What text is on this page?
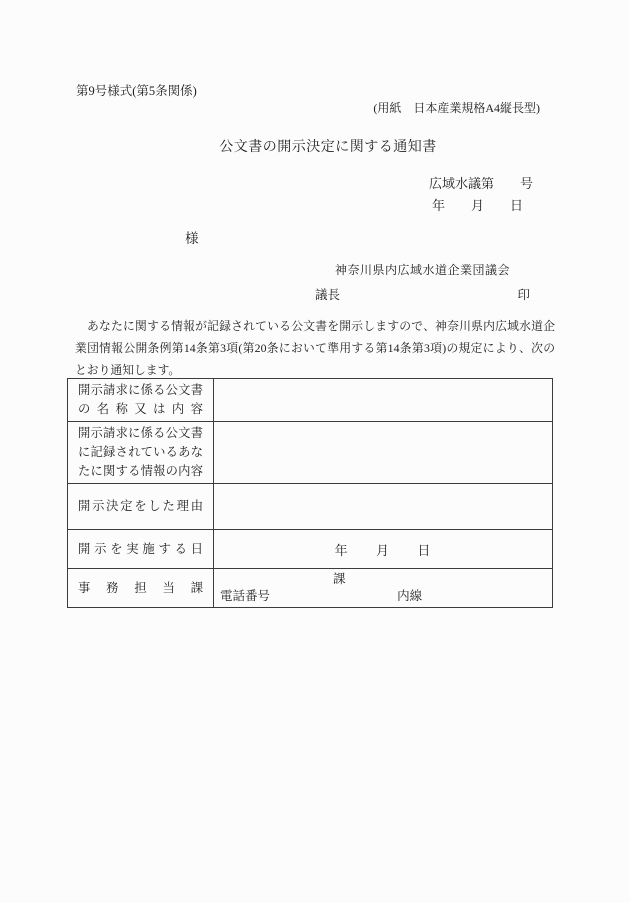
第9号様式(第5条関係)
(用紙　日本産業規格A4縦長型)
公文書の開示決定に関する通知書
広域水議第　　号
年　　月　　日
様
神奈川県内広域水道企業団議会
議長	印
　あなたに関する情報が記録されている公文書を開示しますので、神奈川県内広域水道企
業団情報公開条例第14条第3項(第20条において準用する第14条第3項)の規定により、次の
とおり通知します。
開示請求に係る公文書
の名称又は内容	

開示請求に係る公文書
に記録されているあな
たに関する情報の内容	

開示決定をした理由	

開示を実施する日	年　　月　　日

事務担当課	課
電話番号 内線
